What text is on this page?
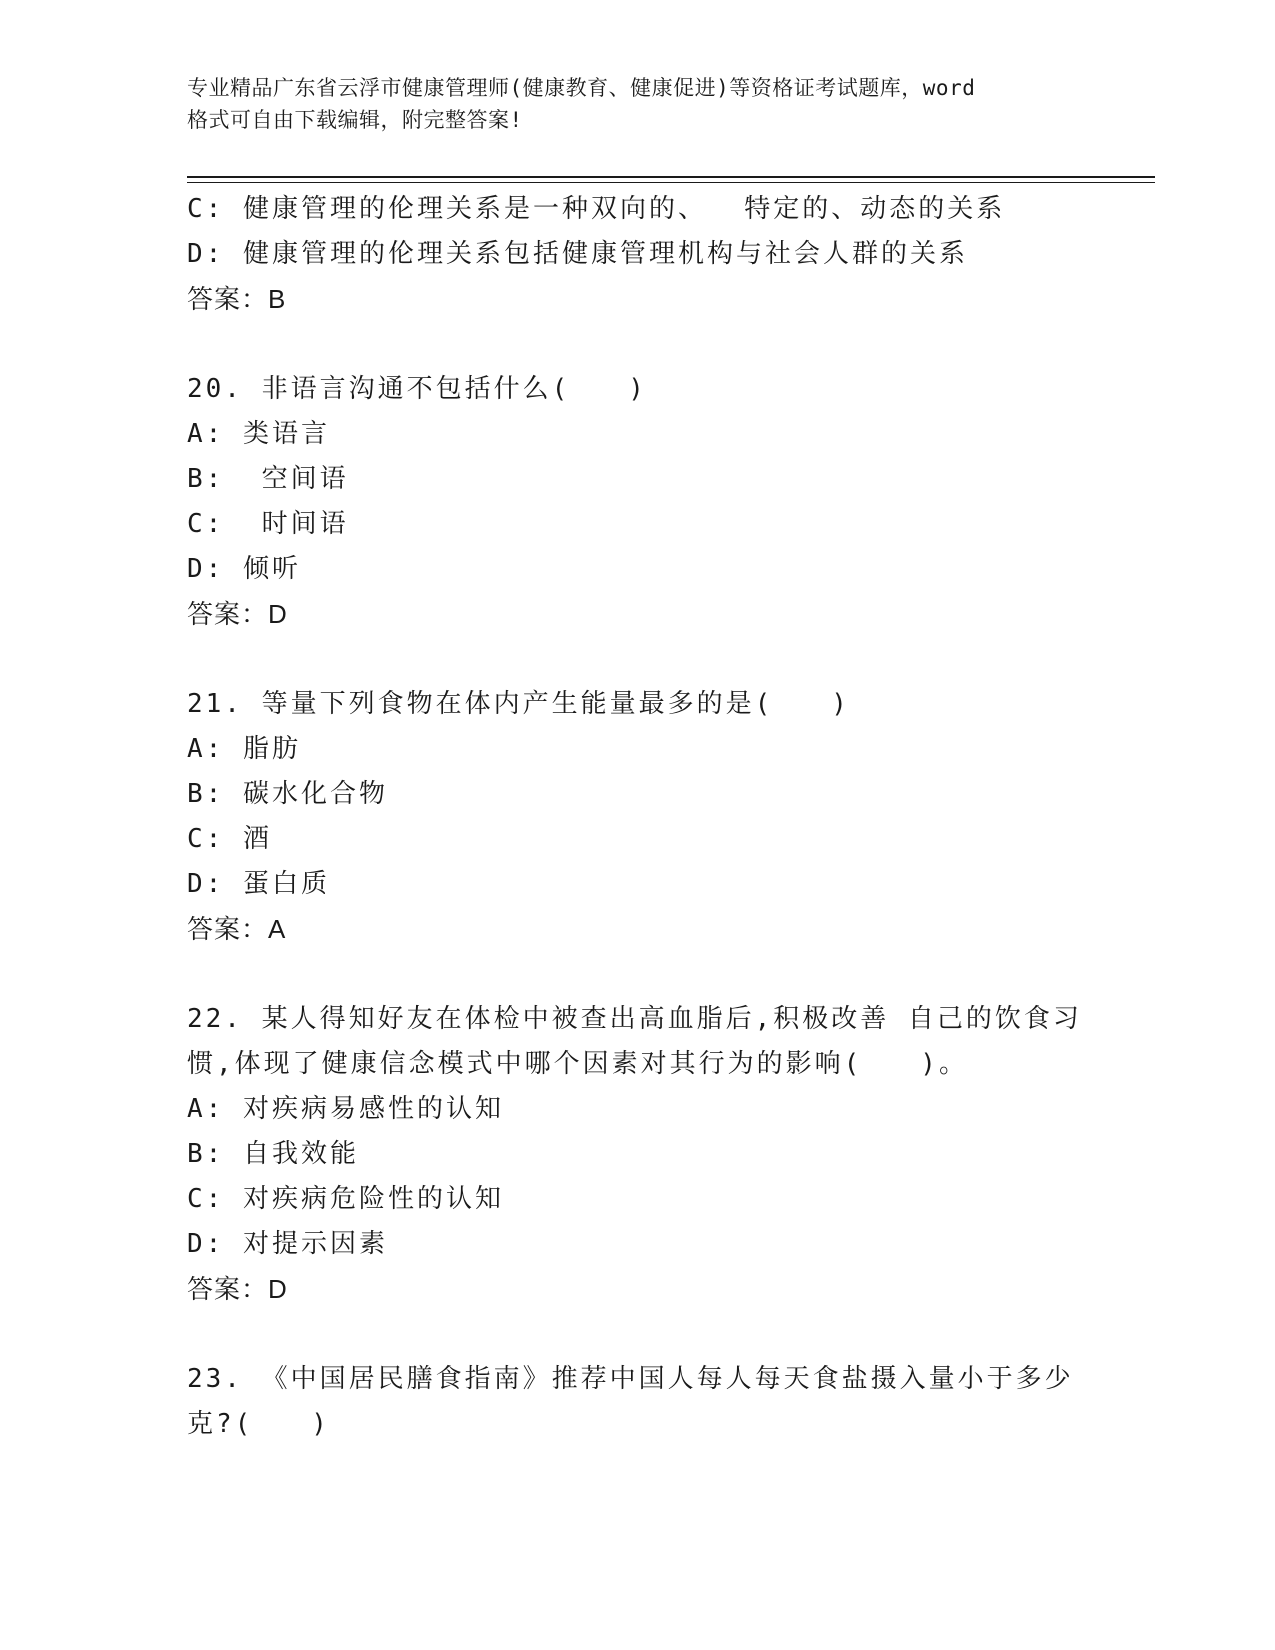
专业精品广东省云浮市健康管理师(健康教育、健康促进)等资格证考试题库，word

格式可自由下载编辑，附完整答案!

C: 健康管理的伦理关系是一种双向的、  特定的、动态的关系

D: 健康管理的伦理关系包括健康管理机构与社会人群的关系

答案：B

20. 非语言沟通不包括什么(　　)

A: 类语言

B:  空间语

C:  时间语

D: 倾听

答案：D

21. 等量下列食物在体内产生能量最多的是(　　)

A: 脂肪

B: 碳水化合物

C: 酒

D: 蛋白质

答案：A

22. 某人得知好友在体检中被查出高血脂后,积极改善 自己的饮食习

惯,体现了健康信念模式中哪个因素对其行为的影响(　　)。

A: 对疾病易感性的认知

B: 自我效能

C: 对疾病危险性的认知

D: 对提示因素

答案：D

23. 《中国居民膳食指南》推荐中国人每人每天食盐摄入量小于多少

克?(　　)
